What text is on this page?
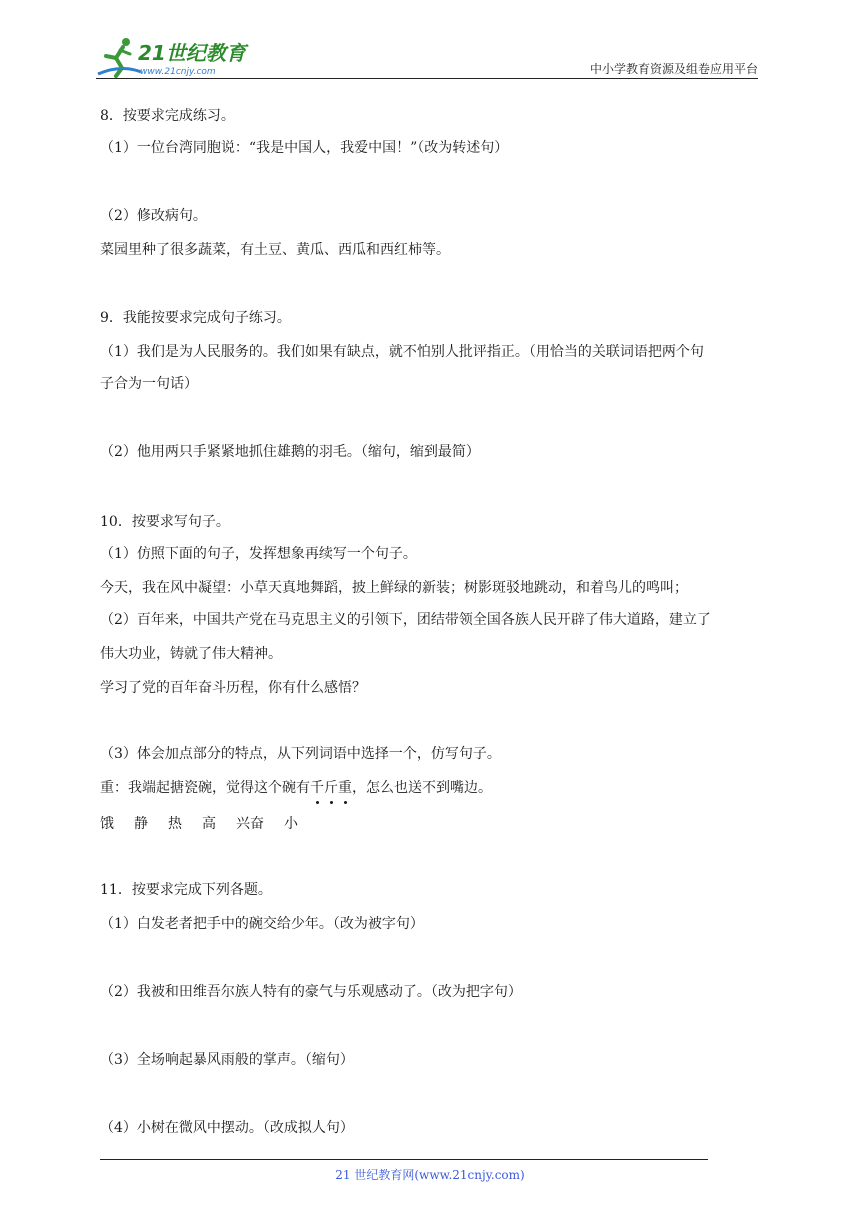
21世纪教育
www.21cnjy.com	中小学教育资源及组卷应用平台
8．按要求完成练习。
（1）一位台湾同胞说：“我是中国人，我爱中国！”（改为转述句）
（2）修改病句。
菜园里种了很多蔬菜，有土豆、黄瓜、西瓜和西红柿等。
9．我能按要求完成句子练习。
（1）我们是为人民服务的。我们如果有缺点，就不怕别人批评指正。（用恰当的关联词语把两个句
子合为一句话）
（2）他用两只手紧紧地抓住雄鹅的羽毛。（缩句，缩到最简）
10．按要求写句子。
（1）仿照下面的句子，发挥想象再续写一个句子。
今天，我在风中凝望：小草天真地舞蹈，披上鲜绿的新装；树影斑驳地跳动，和着鸟儿的鸣叫；
（2）百年来，中国共产党在马克思主义的引领下，团结带领全国各族人民开辟了伟大道路，建立了
伟大功业，铸就了伟大精神。
学习了党的百年奋斗历程，你有什么感悟？
（3）体会加点部分的特点，从下列词语中选择一个，仿写句子。
重：我端起搪瓷碗，觉得这个碗有千斤重，怎么也送不到嘴边。
饿 静 热 高 兴奋 小
11．按要求完成下列各题。
（1）白发老者把手中的碗交给少年。（改为被字句）
（2）我被和田维吾尔族人特有的豪气与乐观感动了。（改为把字句）
（3）全场响起暴风雨般的掌声。（缩句）
（4）小树在微风中摆动。（改成拟人句）
21 世纪教育网(www.21cnjy.com)
